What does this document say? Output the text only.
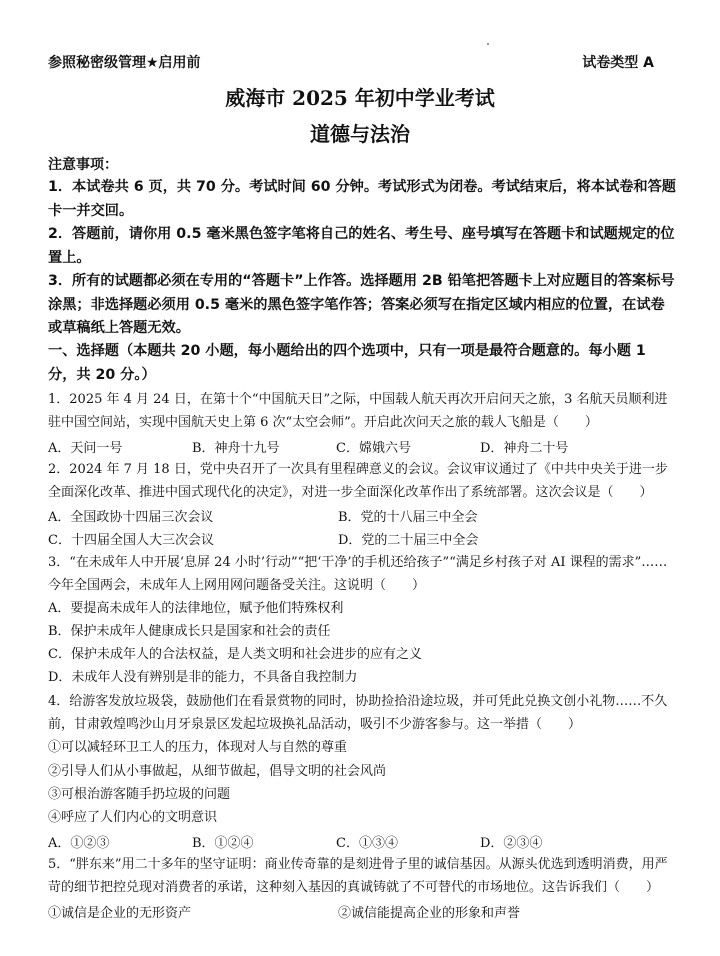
参照秘密级管理★启用前	试卷类型 A
威海市 2025 年初中学业考试
道德与法治
注意事项：
1．本试卷共 6 页，共 70 分。考试时间 60 分钟。考试形式为闭卷。考试结束后，将本试卷和答题卡一并交回。
2．答题前，请你用 0.5 毫米黑色签字笔将自己的姓名、考生号、座号填写在答题卡和试题规定的位置上。
3．所有的试题都必须在专用的“答题卡”上作答。选择题用 2B 铅笔把答题卡上对应题目的答案标号涂黑；非选择题必须用 0.5 毫米的黑色签字笔作答；答案必须写在指定区域内相应的位置，在试卷或草稿纸上答题无效。
一、选择题（本题共 20 小题，每小题给出的四个选项中，只有一项是最符合题意的。每小题 1 分，共 20 分。）
1．2025 年 4 月 24 日，在第十个“中国航天日”之际，中国载人航天再次开启问天之旅，3 名航天员顺利进驻中国空间站，实现中国航天史上第 6 次“太空会师”。开启此次问天之旅的载人飞船是（　　）
A．天问一号	B．神舟十九号	C．嫦娥六号	D．神舟二十号
2．2024 年 7 月 18 日，党中央召开了一次具有里程碑意义的会议。会议审议通过了《中共中央关于进一步全面深化改革、推进中国式现代化的决定》，对进一步全面深化改革作出了系统部署。这次会议是（　　）
A．全国政协十四届三次会议	B．党的十八届三中全会
C．十四届全国人大三次会议	D．党的二十届三中全会
3．“在未成年人中开展‘息屏 24 小时’行动”“把‘干净’的手机还给孩子”“满足乡村孩子对 AI 课程的需求”……今年全国两会，未成年人上网用网问题备受关注。这说明（　　）
A．要提高未成年人的法律地位，赋予他们特殊权利
B．保护未成年人健康成长只是国家和社会的责任
C．保护未成年人的合法权益，是人类文明和社会进步的应有之义
D．未成年人没有辨别是非的能力，不具备自我控制力
4．给游客发放垃圾袋，鼓励他们在看景赏物的同时，协助捡拾沿途垃圾，并可凭此兑换文创小礼物……不久前，甘肃敦煌鸣沙山月牙泉景区发起垃圾换礼品活动，吸引不少游客参与。这一举措（　　）
①可以减轻环卫工人的压力，体现对人与自然的尊重
②引导人们从小事做起，从细节做起，倡导文明的社会风尚
③可根治游客随手扔垃圾的问题
④呼应了人们内心的文明意识
A．①②③	B．①②④	C．①③④	D．②③④
5．“胖东来”用二十多年的坚守证明：商业传奇靠的是刻进骨子里的诚信基因。从源头优选到透明消费，用严苛的细节把控兑现对消费者的承诺，这种刻入基因的真诚铸就了不可替代的市场地位。这告诉我们（　　）
①诚信是企业的无形资产	②诚信能提高企业的形象和声誉
